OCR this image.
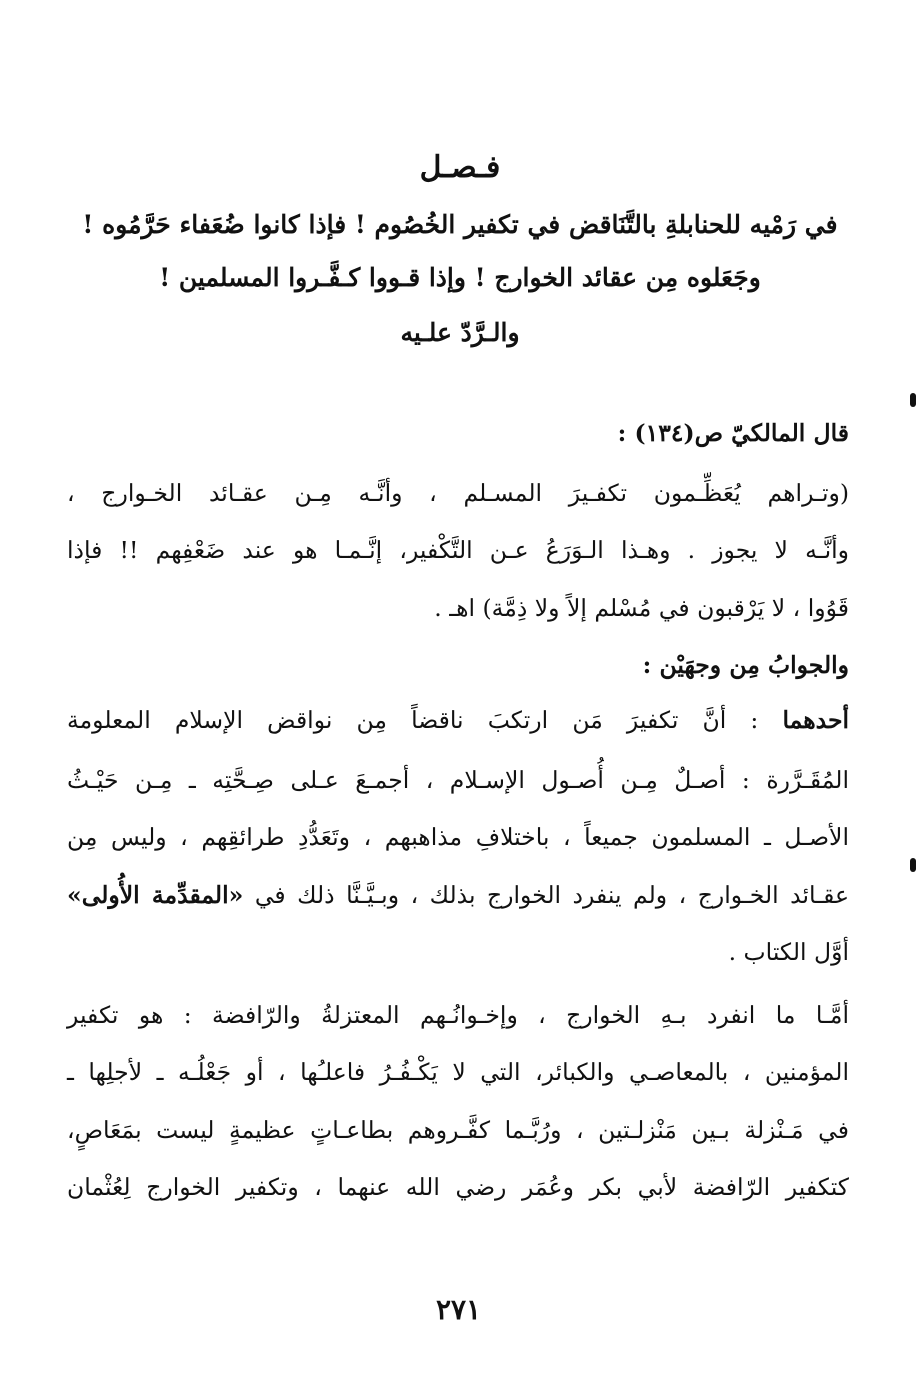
فـصـل
في رَمْيه للحنابلةِ بالتَّنَاقض في تكفير الخُصُوم ! فإذا كانوا ضُعَفاء حَرَّمُوه !
وجَعَلوه مِن عقائد الخوارج ! وإذا قـووا كـفَّـروا المسلمين !
والـرَّدّ علـيه
قال المالكيّ ص(١٣٤) :
(وتـراهم يُعَظِّـمون تكفـيرَ المسـلم ، وأنَّـه مِـن عقـائد الخـوارج ،
وأنَّـه لا يجوز . وهـذا الـوَرَعُ عـن التَّكْفير، إنَّـمـا هو عند ضَعْفِهم !! فإذا
قَوُوا ، لا يَرْقبون في مُسْلم إلاً ولا ذِمَّة) اهـ .
والجوابُ مِن وجهَيْن :
أحدهما : أنَّ تكفيرَ مَن ارتكبَ ناقضاً مِن نواقض الإسلام المعلومة
المُقَـرَّرة : أصـلٌ مِـن أُصـول الإسـلام ، أجمـعَ عـلى صِـحَّتِه ـ مِـن حَيْـثُ
الأصـل ـ المسلمون جميعاً ، باختلافِ مذاهبهم ، وتَعَدُّدِ طرائقِهم ، وليس مِن
عقـائد الخـوارج ، ولم ينفرد الخوارج بذلك ، وبـيَّـنَّا ذلك في «المقدِّمة الأُولى»
أوَّل الكتاب .
أمَّـا ما انفرد بـهِ الخوارج ، وإخـوانُـهم المعتزلةُ والرّافضة : هو تكفير
المؤمنين ، بالمعاصـي والكبائر، التي لا يَكْـفُـرُ فاعلـُها ، أو جَعْلُـه ـ لأجلِها ـ
في مَـنْزلة بـين مَنْزلـتين ، ورُبَّـما كفَّـروهم بطاعـاتٍ عظيمةٍ ليست بمَعَاصٍ،
كتكفير الرّافضة لأبي بكر وعُمَر رضي الله عنهما ، وتكفير الخوارج لِعُثْمان
٢٧١
